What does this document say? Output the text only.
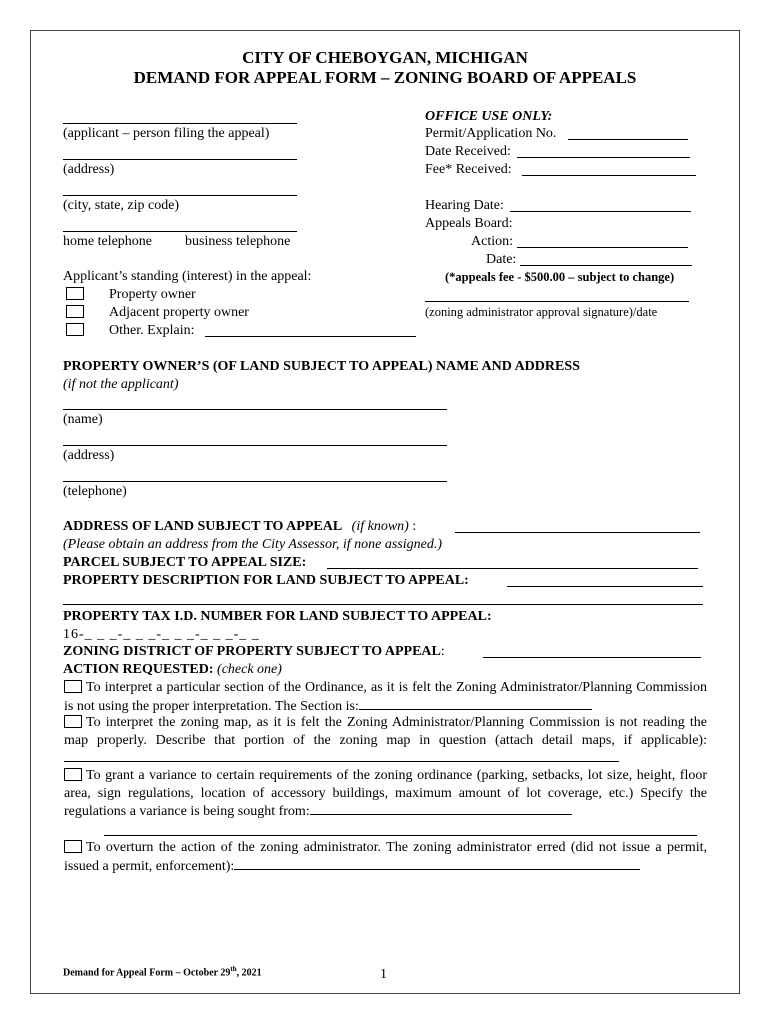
CITY OF CHEBOYGAN, MICHIGAN
DEMAND FOR APPEAL FORM – ZONING BOARD OF APPEALS
(applicant – person filing the appeal)
(address)
(city, state, zip code)
home telephone business telephone
Applicant’s standing (interest) in the appeal:
Property owner
Adjacent property owner
Other. Explain:
OFFICE USE ONLY:
Permit/Application No.
Date Received:
Fee* Received:
Hearing Date:
Appeals Board:
Action:
Date:
(*appeals fee - $500.00 – subject to change)
(zoning administrator approval signature)/date
PROPERTY OWNER’S (OF LAND SUBJECT TO APPEAL) NAME AND ADDRESS
(if not the applicant)
(name)
(address)
(telephone)
ADDRESS OF LAND SUBJECT TO APPEAL (if known) :
(Please obtain an address from the City Assessor, if none assigned.)
PARCEL SUBJECT TO APPEAL SIZE:
PROPERTY DESCRIPTION FOR LAND SUBJECT TO APPEAL:
PROPERTY TAX I.D. NUMBER FOR LAND SUBJECT TO APPEAL:
16-_ _ _-_ _ _-_ _ _-_ _ _-_ _
ZONING DISTRICT OF PROPERTY SUBJECT TO APPEAL:
ACTION REQUESTED: (check one)
To interpret a particular section of the Ordinance, as it is felt the Zoning Administrator/Planning Commission is not using the proper interpretation. The Section is:
To interpret the zoning map, as it is felt the Zoning Administrator/Planning Commission is not reading the map properly. Describe that portion of the zoning map in question (attach detail maps, if applicable):
To grant a variance to certain requirements of the zoning ordinance (parking, setbacks, lot size, height, floor area, sign regulations, location of accessory buildings, maximum amount of lot coverage, etc.) Specify the regulations a variance is being sought from:
To overturn the action of the zoning administrator. The zoning administrator erred (did not issue a permit, issued a permit, enforcement):
Demand for Appeal Form – October 29th, 2021	1
